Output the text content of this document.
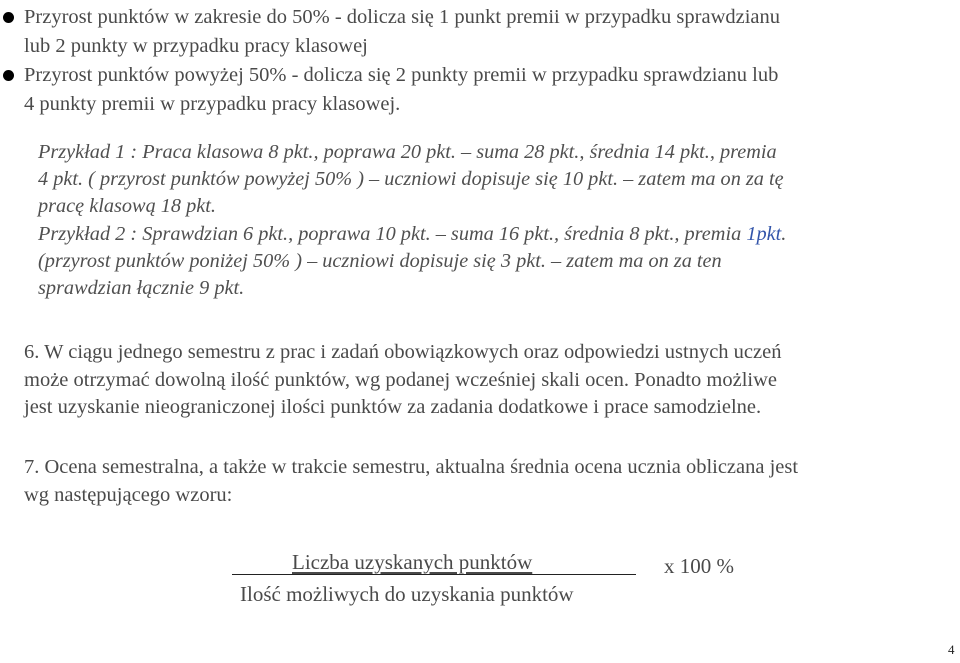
Przyrost punktów w zakresie do 50% - dolicza się 1 punkt premii w przypadku sprawdzianu
lub 2 punkty w przypadku pracy klasowej
Przyrost punktów powyżej 50% - dolicza się 2 punkty premii w przypadku sprawdzianu lub
4 punkty premii w przypadku pracy klasowej.
Przykład 1 : Praca klasowa 8 pkt., poprawa 20 pkt. – suma 28 pkt., średnia 14 pkt., premia
4 pkt. ( przyrost punktów powyżej 50% ) – uczniowi dopisuje się 10 pkt. – zatem ma on za tę
pracę klasową 18 pkt.
Przykład 2 : Sprawdzian 6 pkt., poprawa 10 pkt. – suma 16 pkt., średnia 8 pkt., premia 1pkt.
(przyrost punktów poniżej 50% ) – uczniowi dopisuje się 3 pkt. – zatem ma on za ten
sprawdzian łącznie 9 pkt.
6. W ciągu jednego semestru z prac i zadań obowiązkowych oraz odpowiedzi ustnych uczeń
może otrzymać dowolną ilość punktów, wg podanej wcześniej skali ocen. Ponadto możliwe
jest uzyskanie nieograniczonej ilości punktów za zadania dodatkowe i prace samodzielne.
7. Ocena semestralna, a także w trakcie semestru, aktualna średnia ocena ucznia obliczana jest
wg następującego wzoru:
Liczba uzyskanych punktów
Ilość możliwych do uzyskania punktów
x 100 %
4
